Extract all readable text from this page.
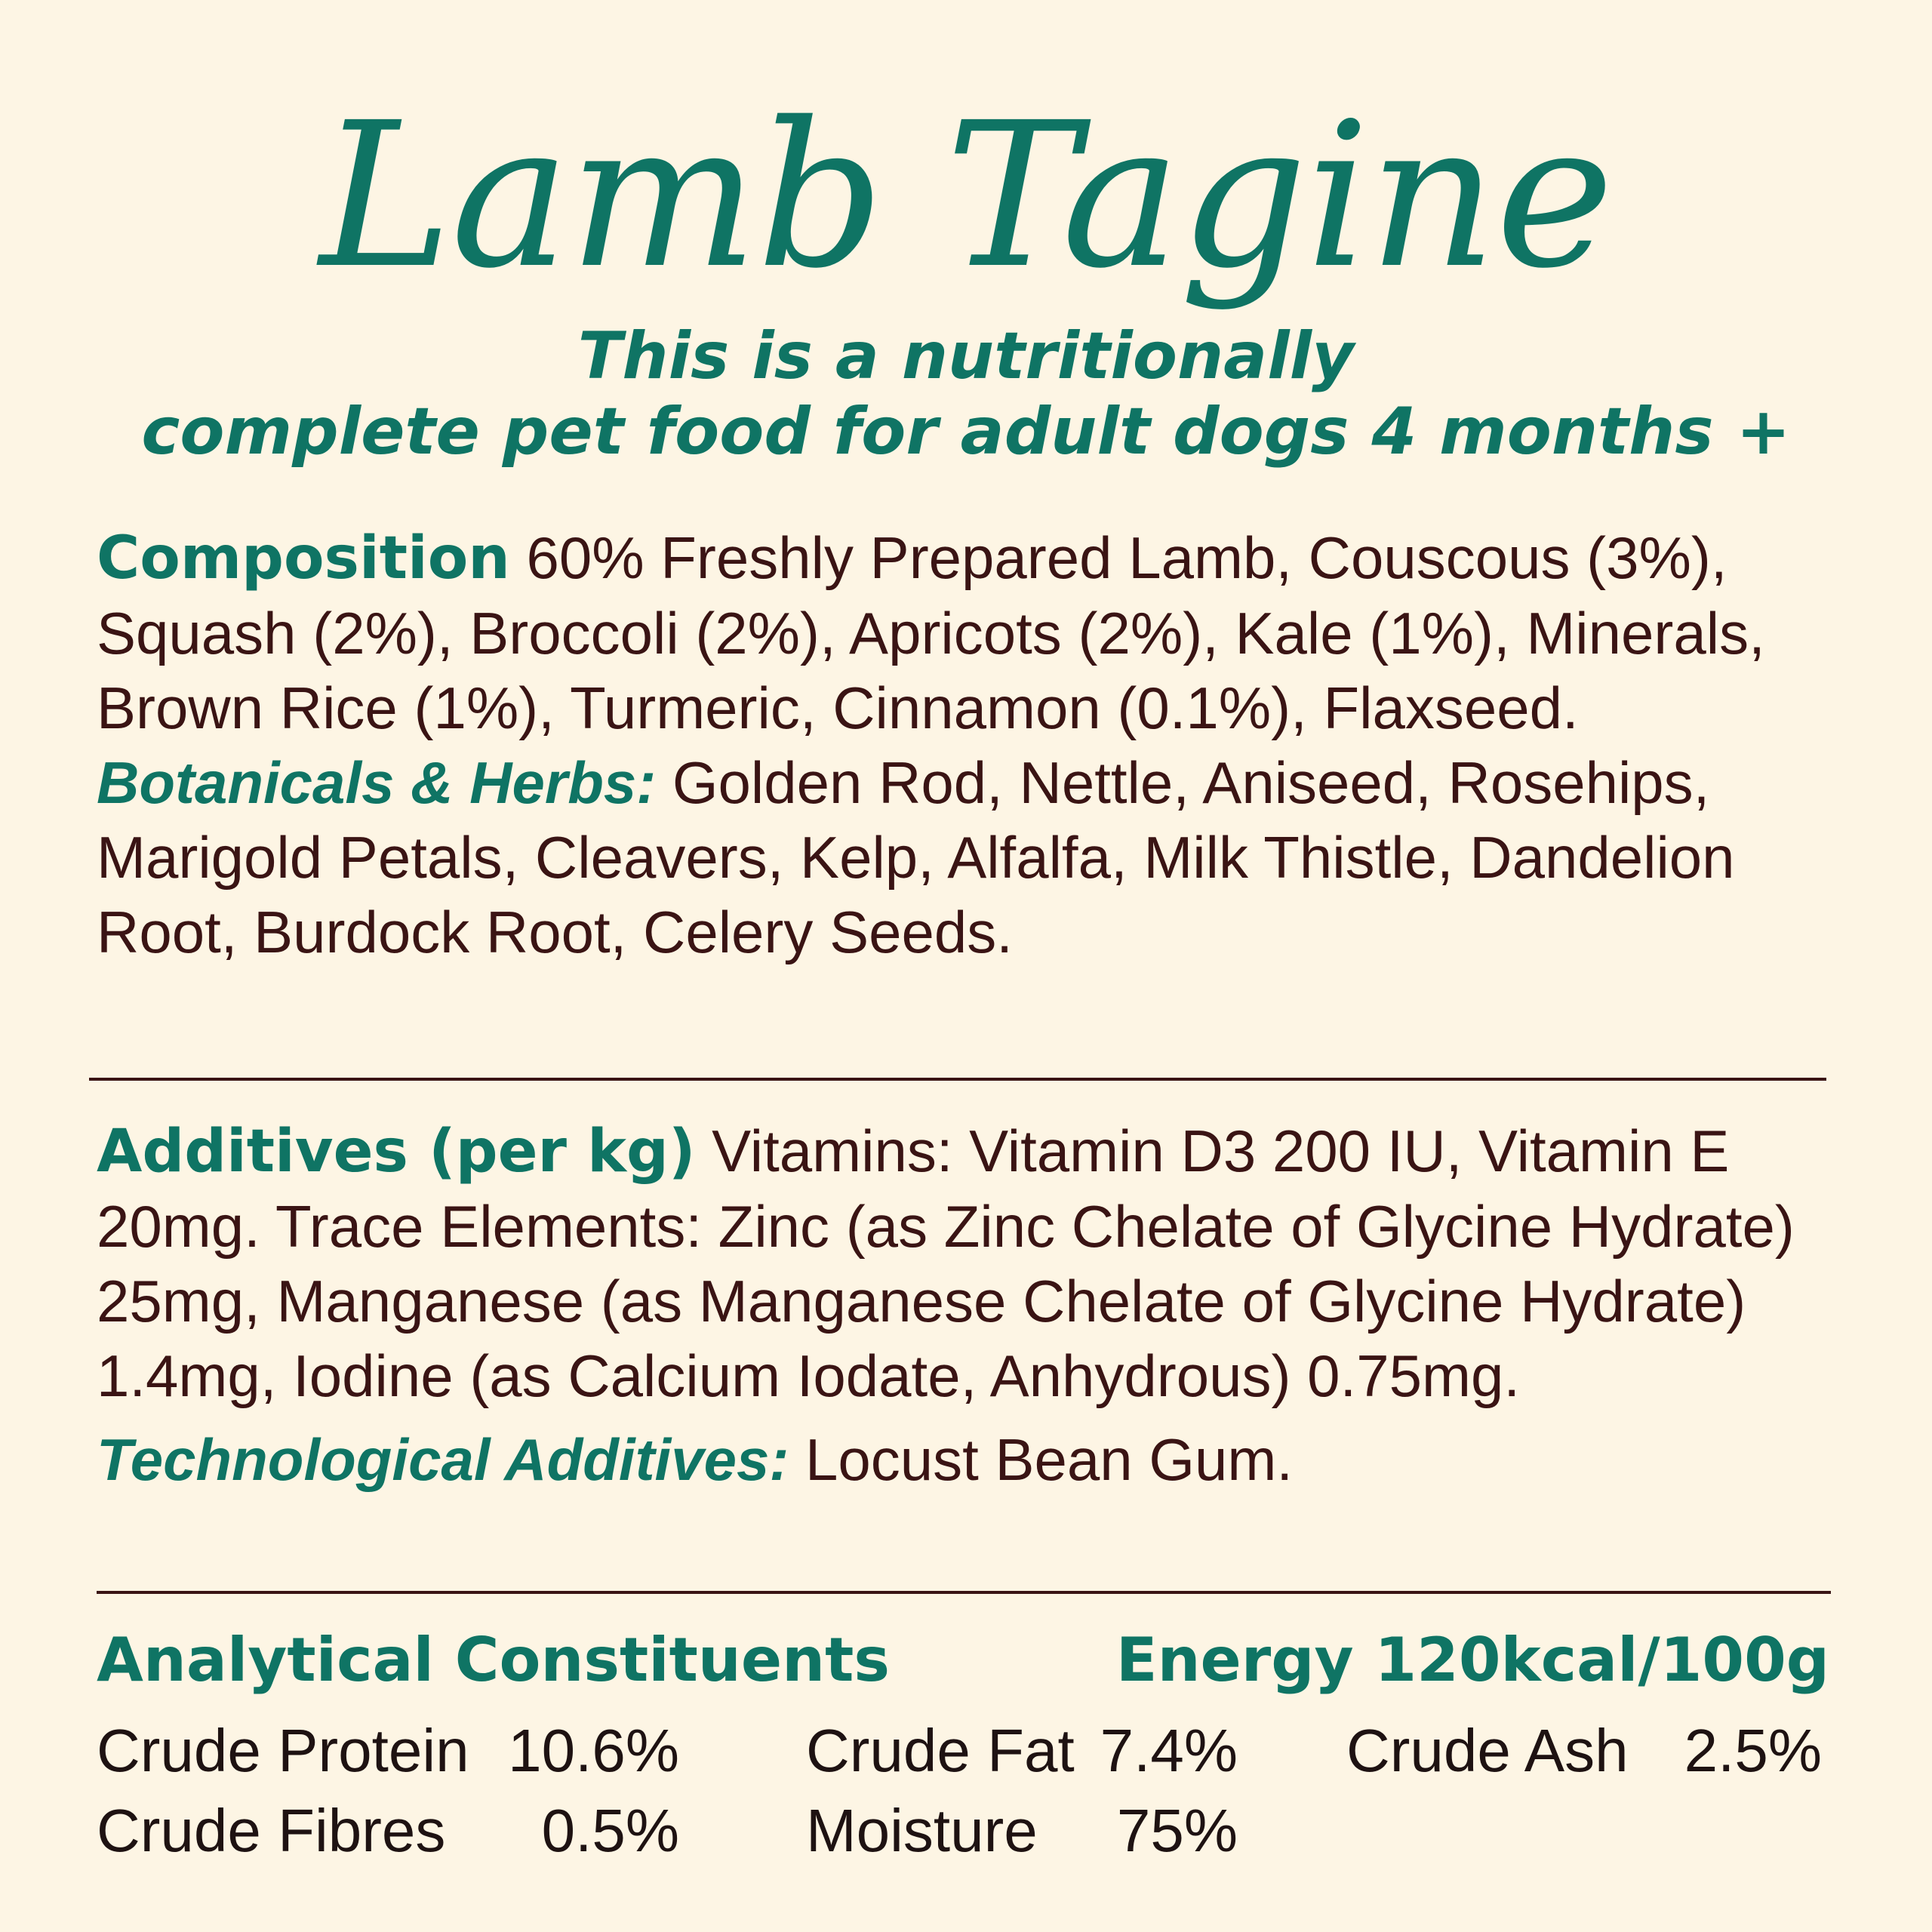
Lamb Tagine
This is a nutritionally
complete pet food for adult dogs 4 months +
Composition 60% Freshly Prepared Lamb, Couscous (3%),
Squash (2%), Broccoli (2%), Apricots (2%), Kale (1%), Minerals,
Brown Rice (1%), Turmeric, Cinnamon (0.1%), Flaxseed.
Botanicals & Herbs: Golden Rod, Nettle, Aniseed, Rosehips,
Marigold Petals, Cleavers, Kelp, Alfalfa, Milk Thistle, Dandelion
Root, Burdock Root, Celery Seeds.
Additives (per kg) Vitamins: Vitamin D3 200 IU, Vitamin E
20mg. Trace Elements: Zinc (as Zinc Chelate of Glycine Hydrate)
25mg, Manganese (as Manganese Chelate of Glycine Hydrate)
1.4mg, Iodine (as Calcium Iodate, Anhydrous) 0.75mg.
Technological Additives: Locust Bean Gum.
Analytical Constituents	Energy 120kcal/100g
Crude Protein 10.6% Crude Fat 7.4% Crude Ash 2.5%
Crude Fibres	0.5% Moisture	75%
